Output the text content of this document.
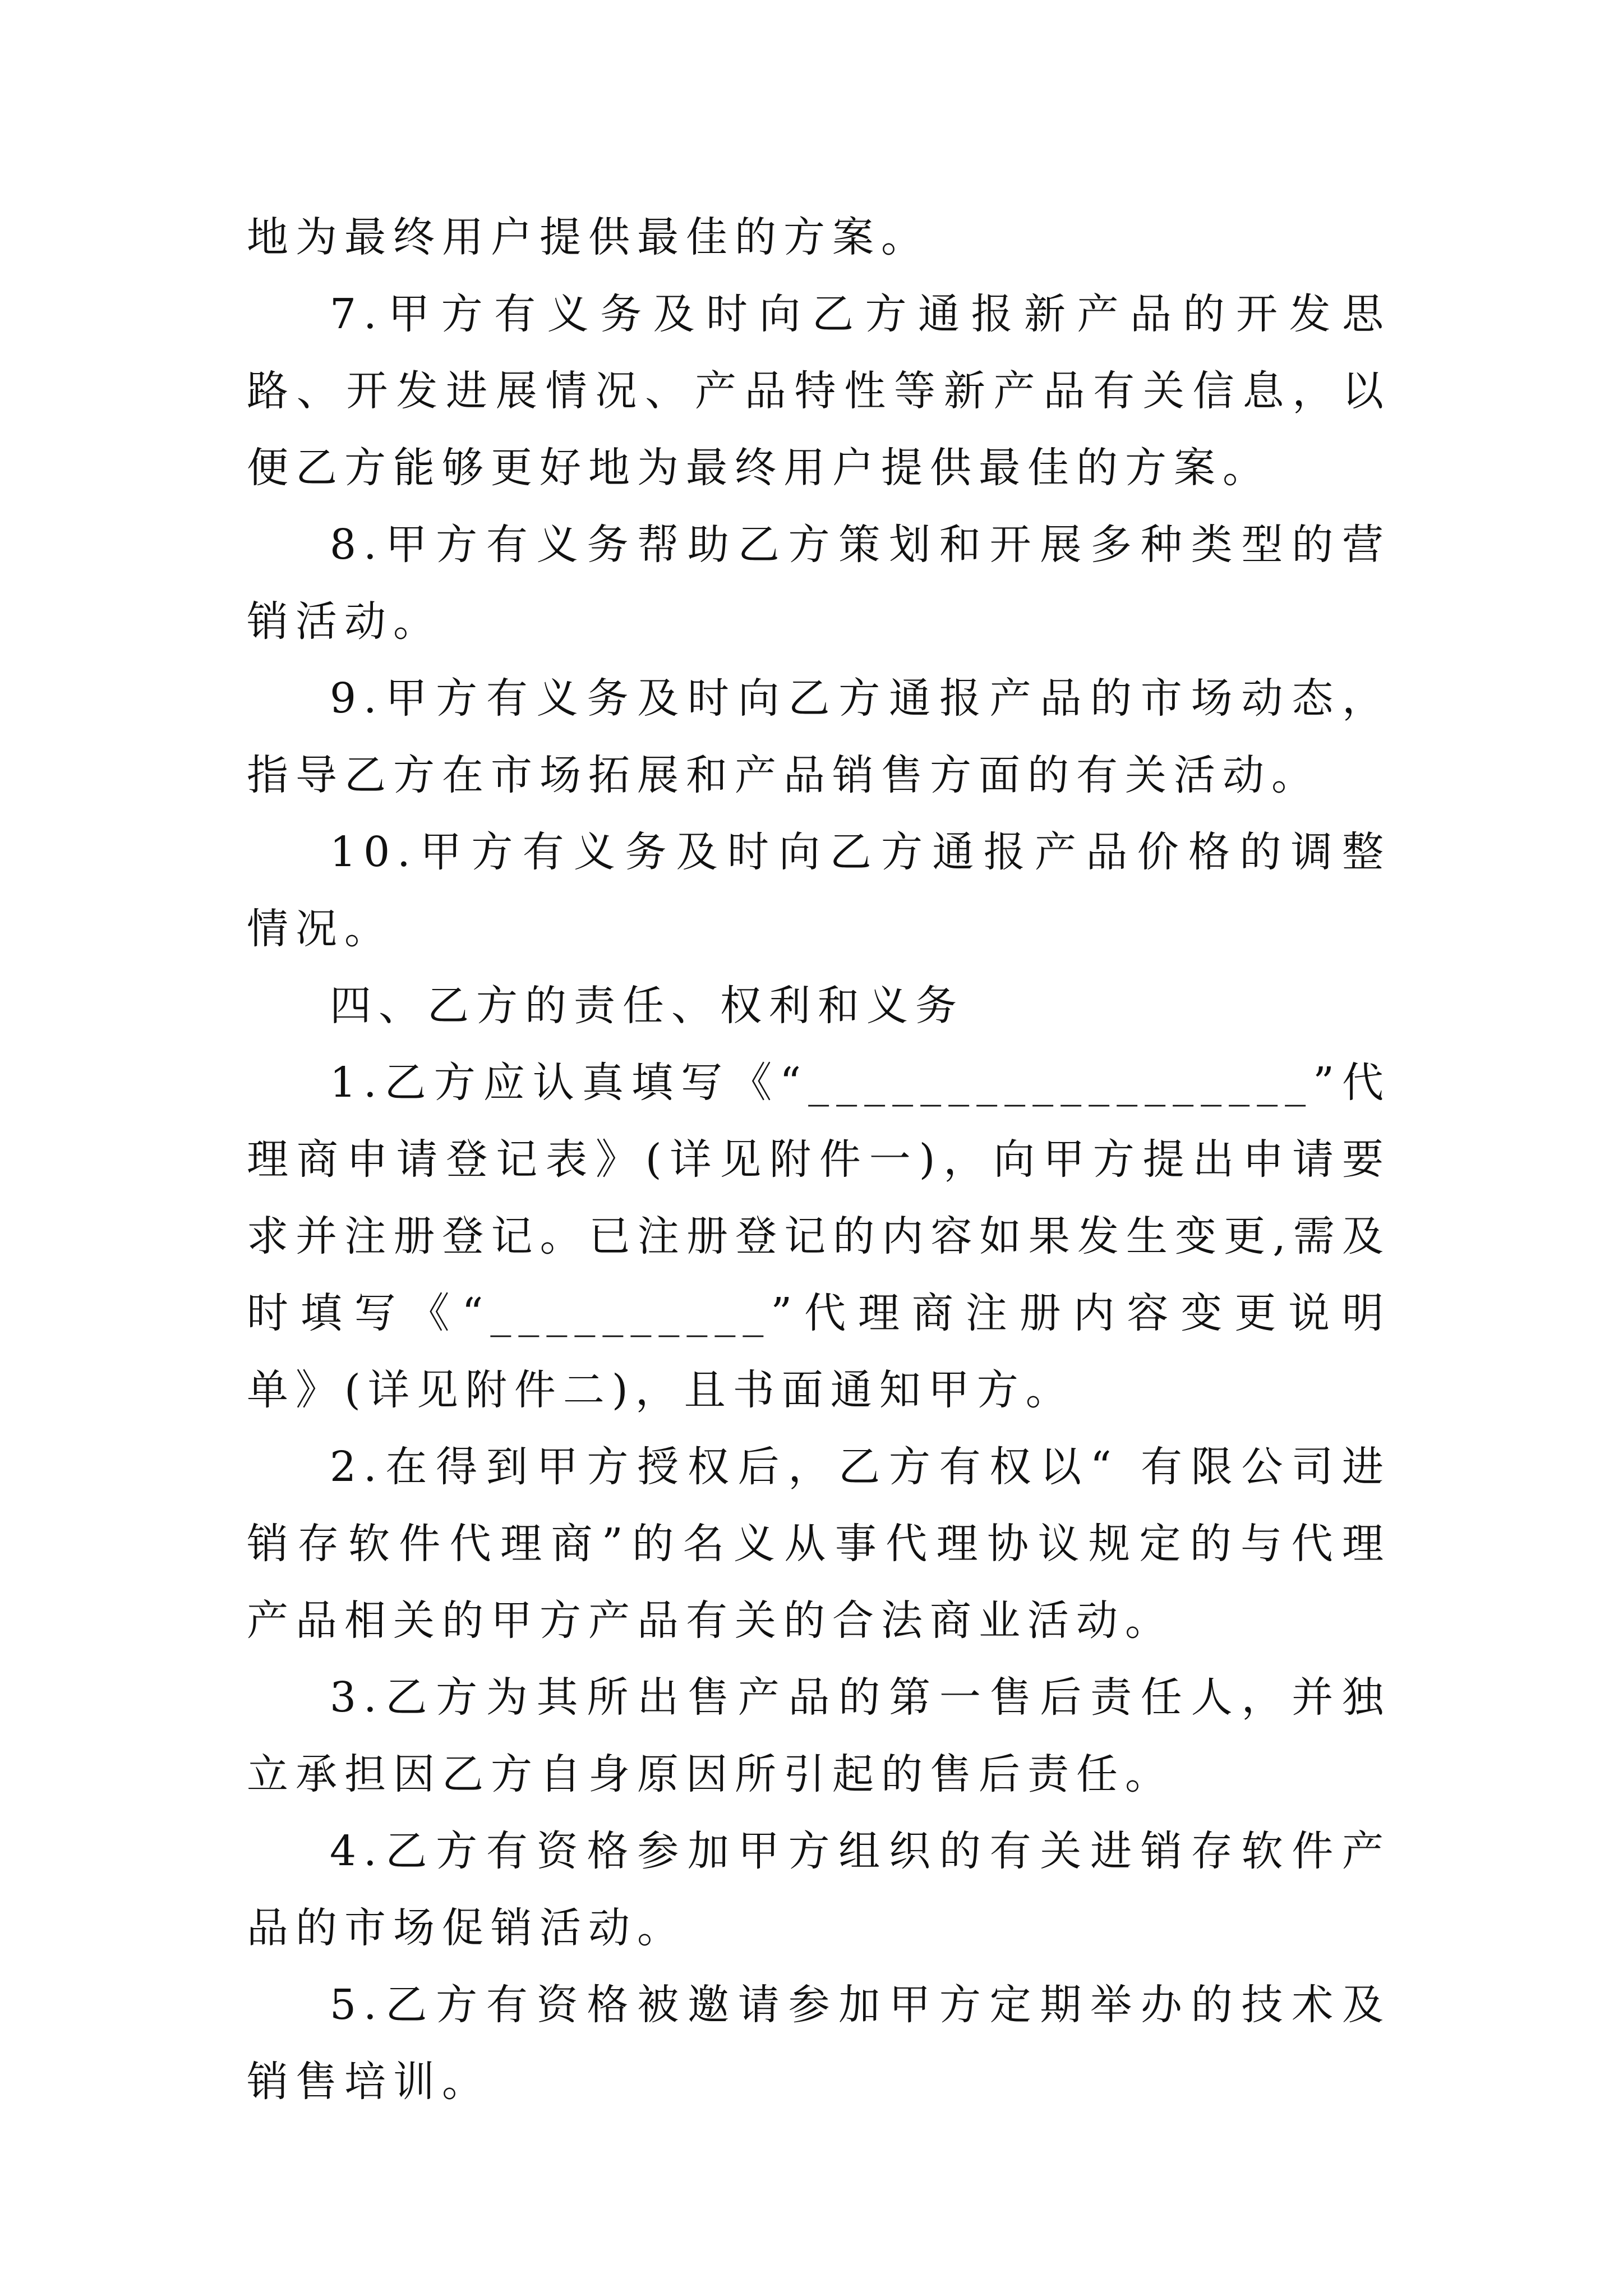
地为最终用户提供最佳的方案。

7.甲方有义务及时向乙方通报新产品的开发思路、开发进展情况、产品特性等新产品有关信息，以便乙方能够更好地为最终用户提供最佳的方案。

8.甲方有义务帮助乙方策划和开展多种类型的营销活动。

9.甲方有义务及时向乙方通报产品的市场动态，指导乙方在市场拓展和产品销售方面的有关活动。

10.甲方有义务及时向乙方通报产品价格的调整情况。

四、乙方的责任、权利和义务

1.乙方应认真填写《“__________________”代理商申请登记表》(详见附件一)，向甲方提出申请要求并注册登记。已注册登记的内容如果发生变更,需及时填写《“__________”代理商注册内容变更说明单》(详见附件二)，且书面通知甲方。

2.在得到甲方授权后，乙方有权以“ 有限公司进销存软件代理商”的名义从事代理协议规定的与代理产品相关的甲方产品有关的合法商业活动。

3.乙方为其所出售产品的第一售后责任人，并独立承担因乙方自身原因所引起的售后责任。

4.乙方有资格参加甲方组织的有关进销存软件产品的市场促销活动。

5.乙方有资格被邀请参加甲方定期举办的技术及销售培训。
